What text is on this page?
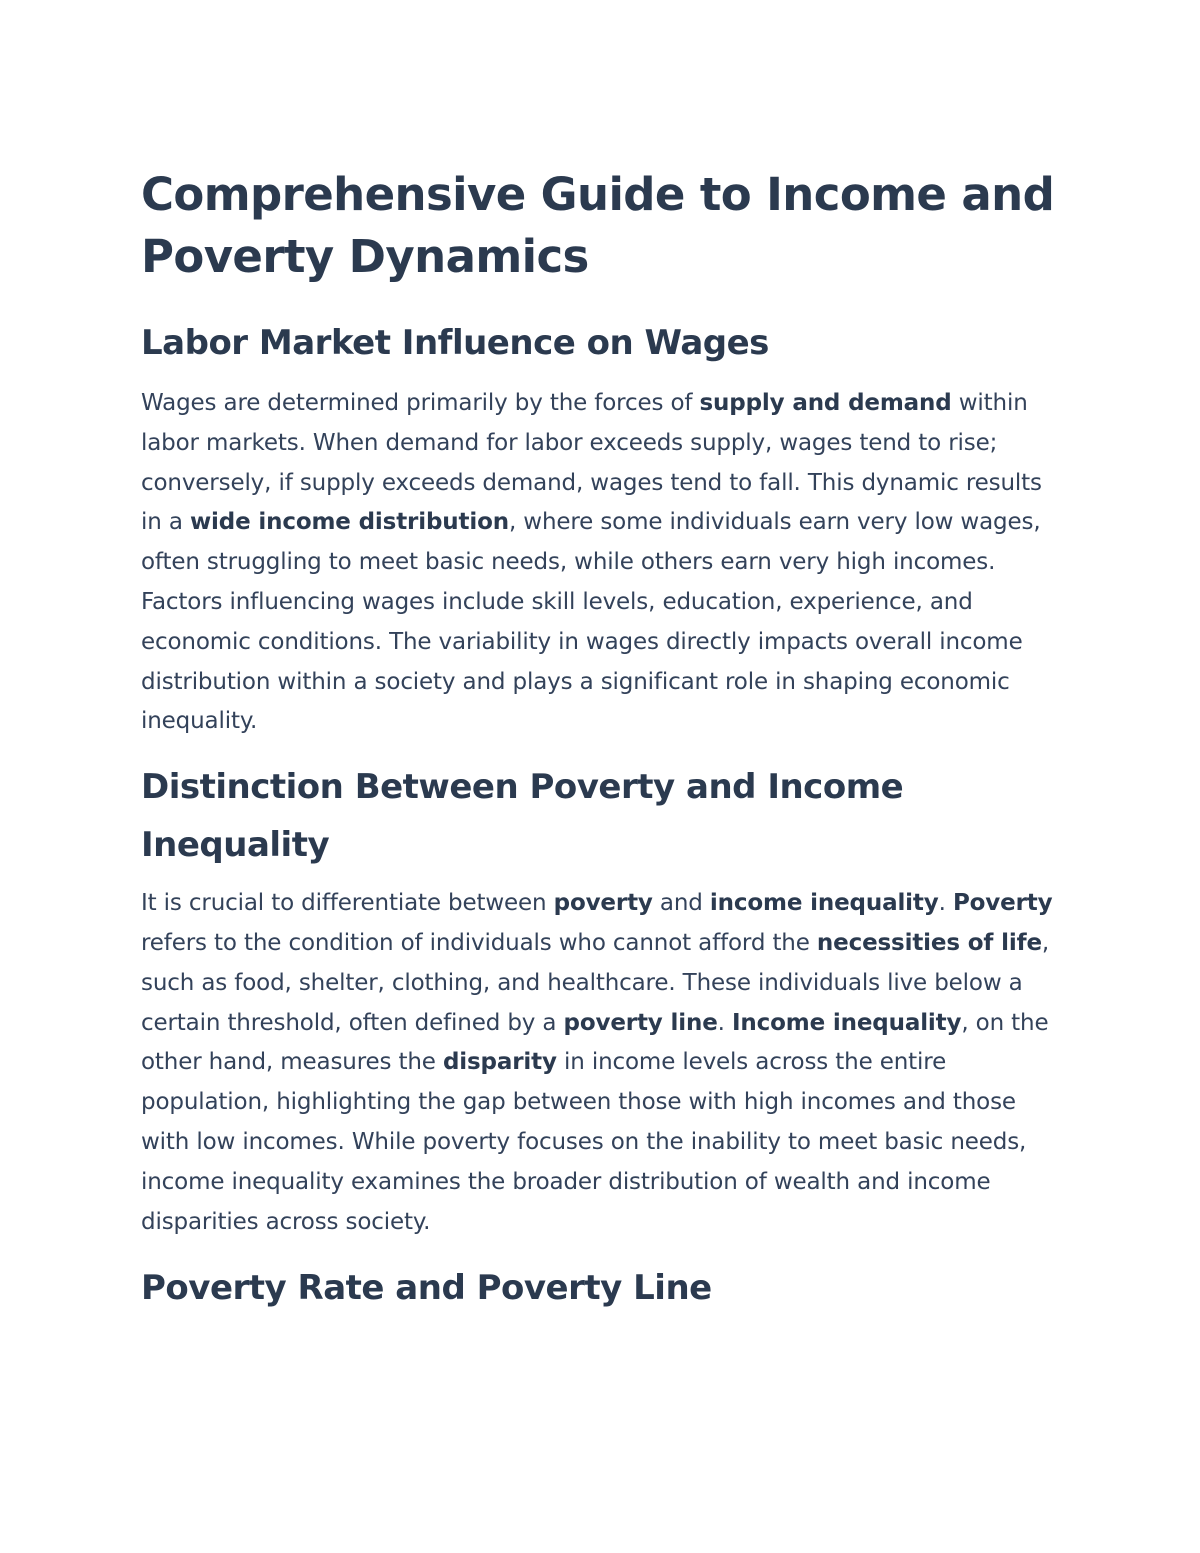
Comprehensive Guide to Income and Poverty Dynamics
Labor Market Influence on Wages

Wages are determined primarily by the forces of supply and demand within labor markets. When demand for labor exceeds supply, wages tend to rise; conversely, if supply exceeds demand, wages tend to fall. This dynamic results in a wide income distribution, where some individuals earn very low wages, often struggling to meet basic needs, while others earn very high incomes. Factors influencing wages include skill levels, education, experience, and economic conditions. The variability in wages directly impacts overall income distribution within a society and plays a significant role in shaping economic inequality.

Distinction Between Poverty and Income Inequality

It is crucial to differentiate between poverty and income inequality. Poverty refers to the condition of individuals who cannot afford the necessities of life, such as food, shelter, clothing, and healthcare. These individuals live below a certain threshold, often defined by a poverty line. Income inequality, on the other hand, measures the disparity in income levels across the entire population, highlighting the gap between those with high incomes and those with low incomes. While poverty focuses on the inability to meet basic needs, income inequality examines the broader distribution of wealth and income disparities across society.

Poverty Rate and Poverty Line
